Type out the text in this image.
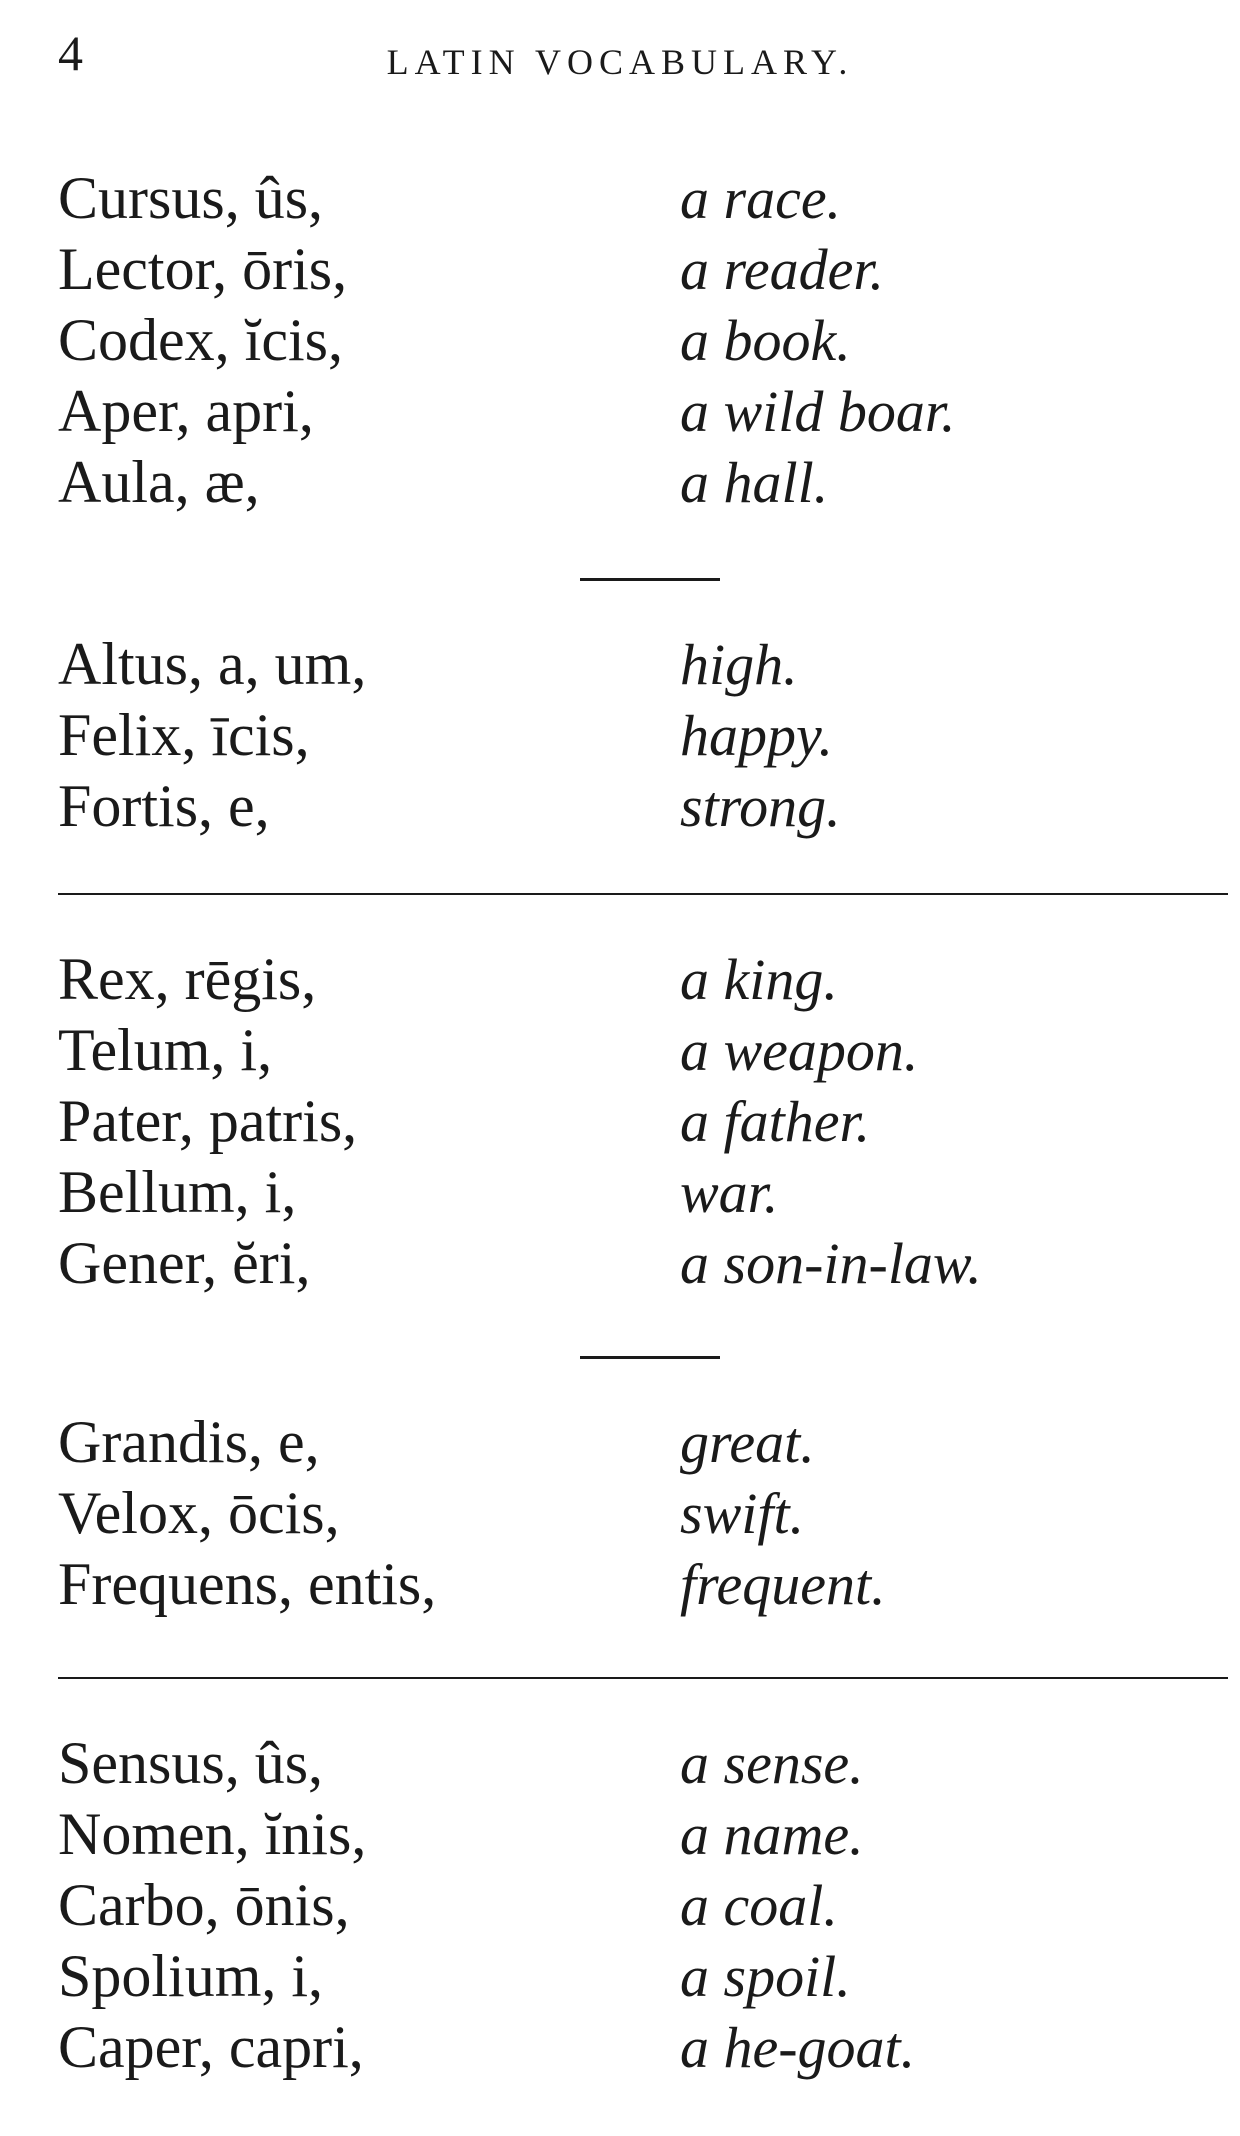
4	LATIN VOCABULARY.
Cursus, ûs,	a race.
Lector, ōris,	a reader.
Codex, ĭcis,	a book.
Aper, apri,	a wild boar.
Aula, æ,	a hall.
Altus, a, um,	high.
Felix, īcis,	happy.
Fortis, e,	strong.
Rex, rēgis,	a king.
Telum, i,	a weapon.
Pater, patris,	a father.
Bellum, i,	war.
Gener, ĕri,	a son-in-law.
Grandis, e,	great.
Velox, ōcis,	swift.
Frequens, entis,	frequent.
Sensus, ûs,	a sense.
Nomen, ĭnis,	a name.
Carbo, ōnis,	a coal.
Spolium, i,	a spoil.
Caper, capri,	a he-goat.
